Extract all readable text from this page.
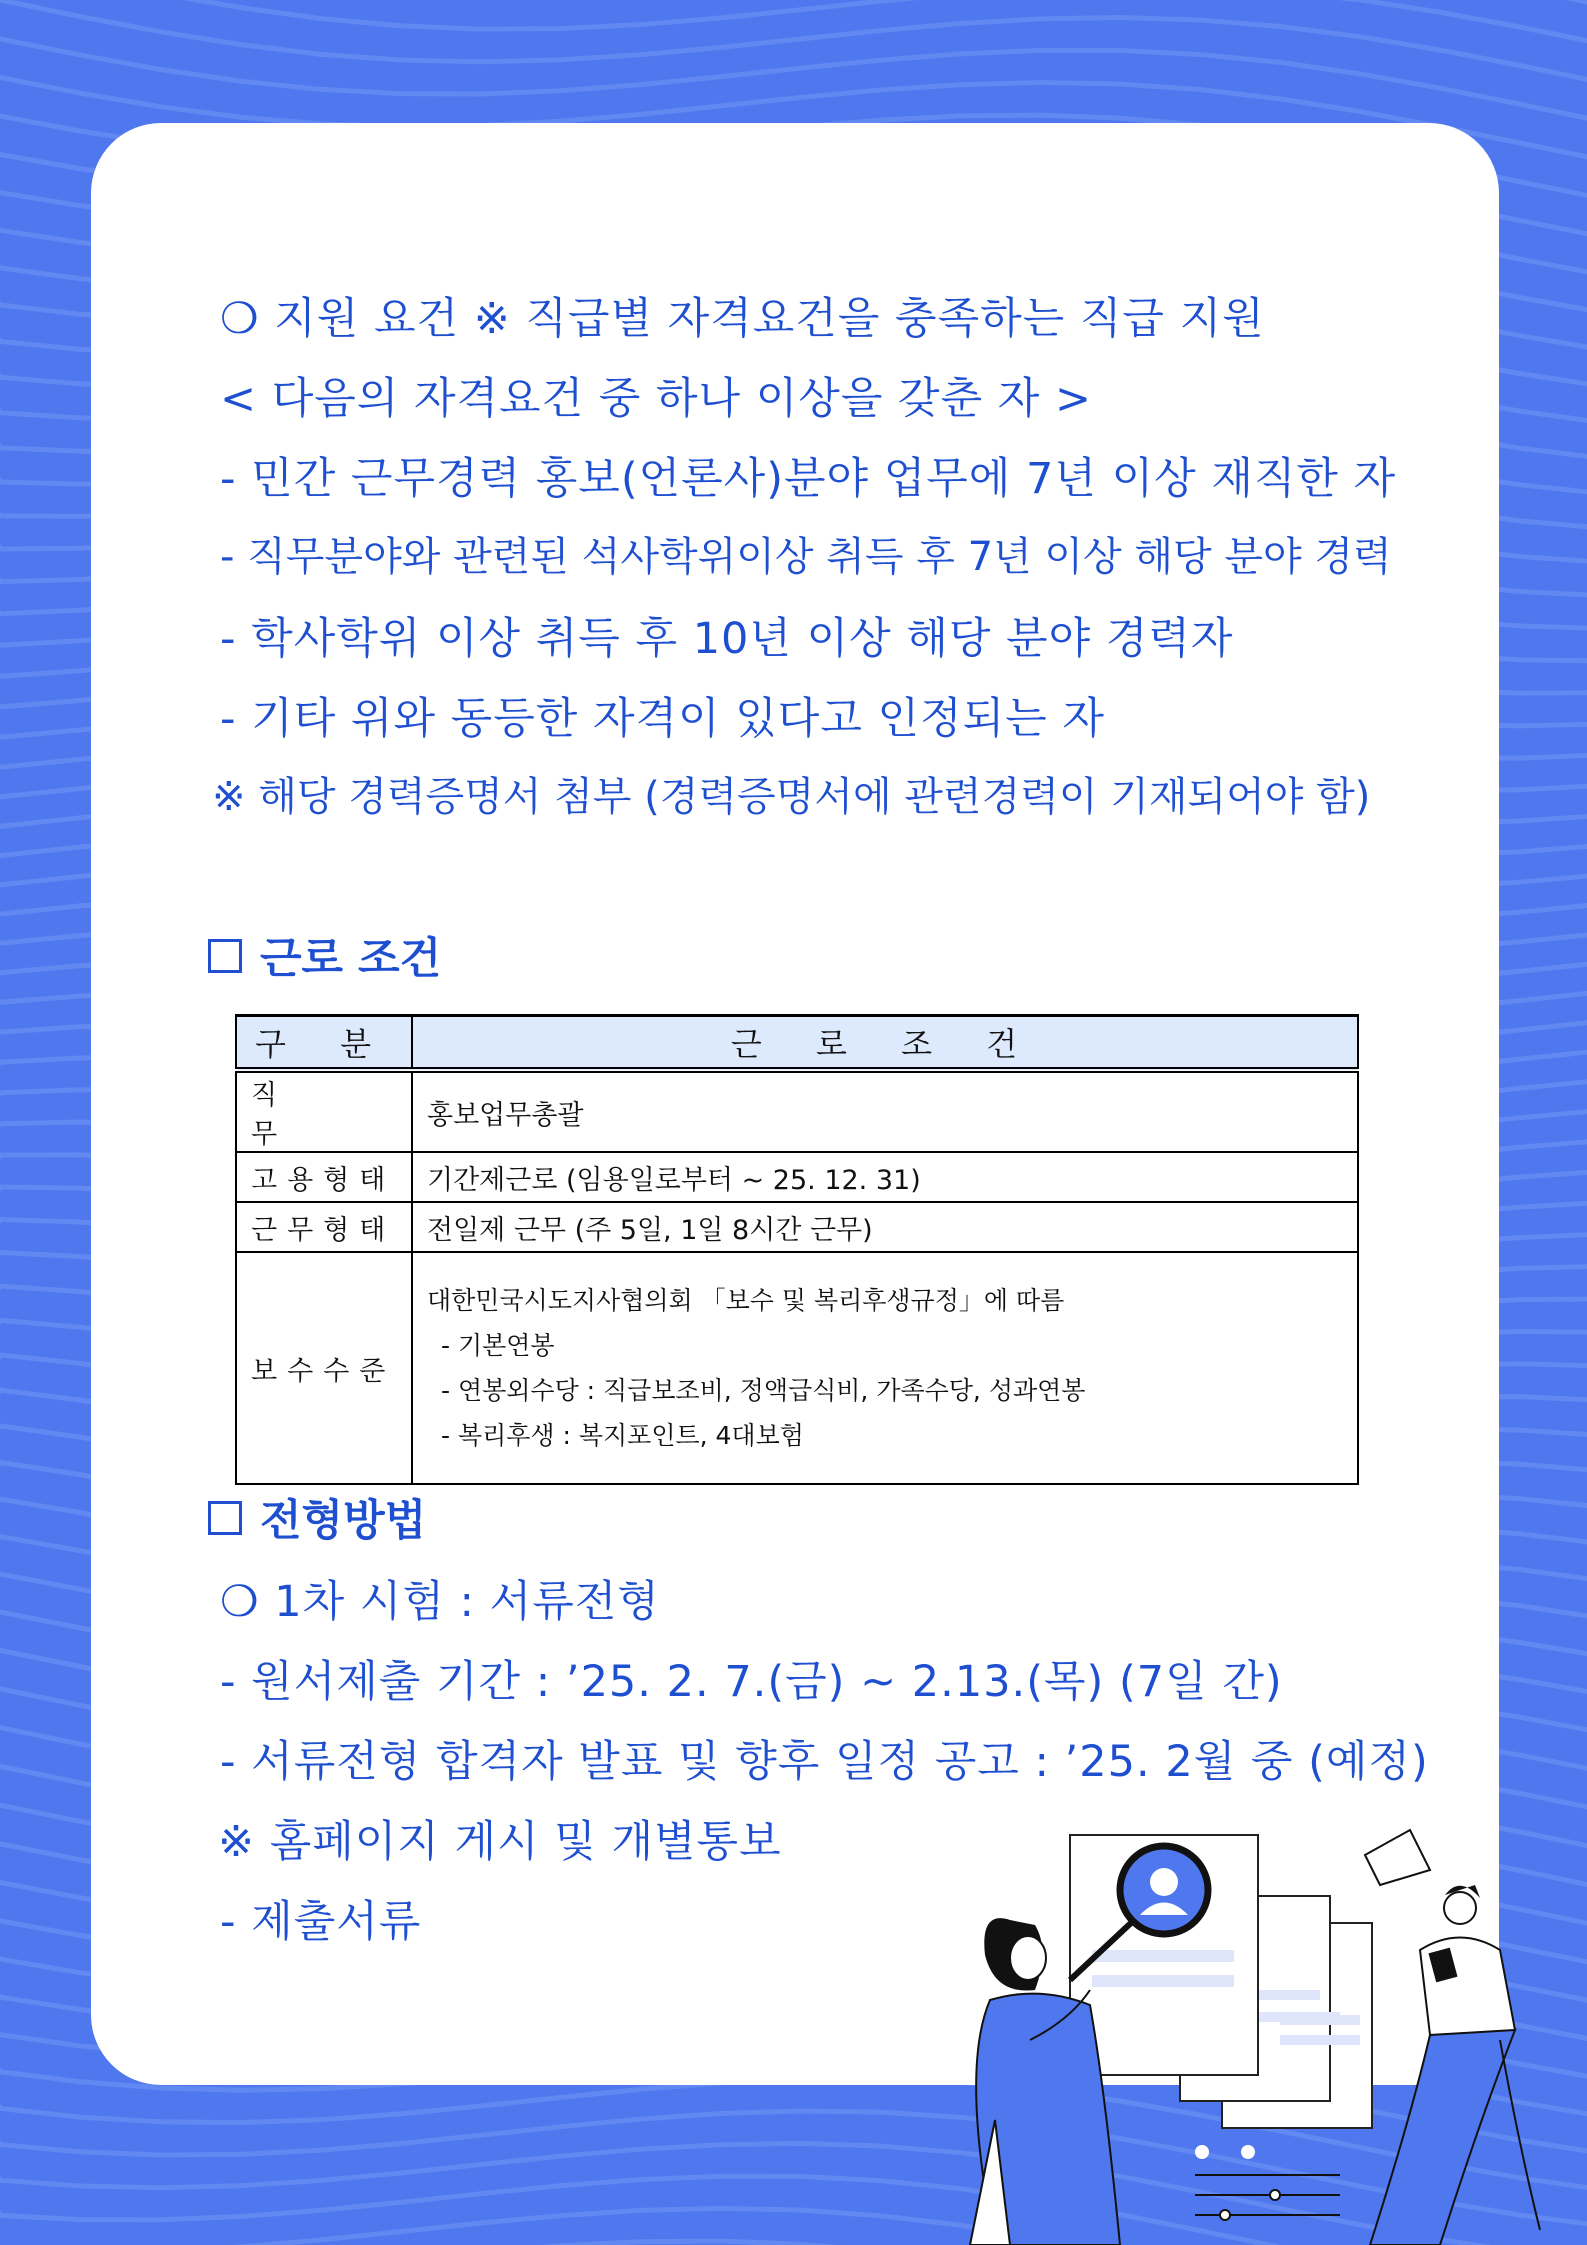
❍ 지원 요건 ※ 직급별 자격요건을 충족하는 직급 지원
< 다음의 자격요건 중 하나 이상을 갖춘 자 >
- 민간 근무경력 홍보(언론사)분야 업무에 7년 이상 재직한 자
- 직무분야와 관련된 석사학위이상 취득 후 7년 이상 해당 분야 경력
- 학사학위 이상 취득 후 10년 이상 해당 분야 경력자
- 기타 위와 동등한 자격이 있다고 인정되는 자
※ 해당 경력증명서 첨부 (경력증명서에 관련경력이 기재되어야 함)
근로 조건
구 분	근 로 조 건
직 무	홍보업무총괄
고용형태	기간제근로 (임용일로부터 ~ 25. 12. 31)
근무형태	전일제 근무 (주 5일, 1일 8시간 근무)
보수수준	대한민국시도지사협의회 「보수 및 복리후생규정」에 따름
- 기본연봉
- 연봉외수당 : 직급보조비, 정액급식비, 가족수당, 성과연봉
- 복리후생 : 복지포인트, 4대보험
전형방법
❍ 1차 시험 : 서류전형
- 원서제출 기간 : ’25. 2. 7.(금) ~ 2.13.(목) (7일 간)
- 서류전형 합격자 발표 및 향후 일정 공고 : ’25. 2월 중 (예정)
※ 홈페이지 게시 및 개별통보
- 제출서류
